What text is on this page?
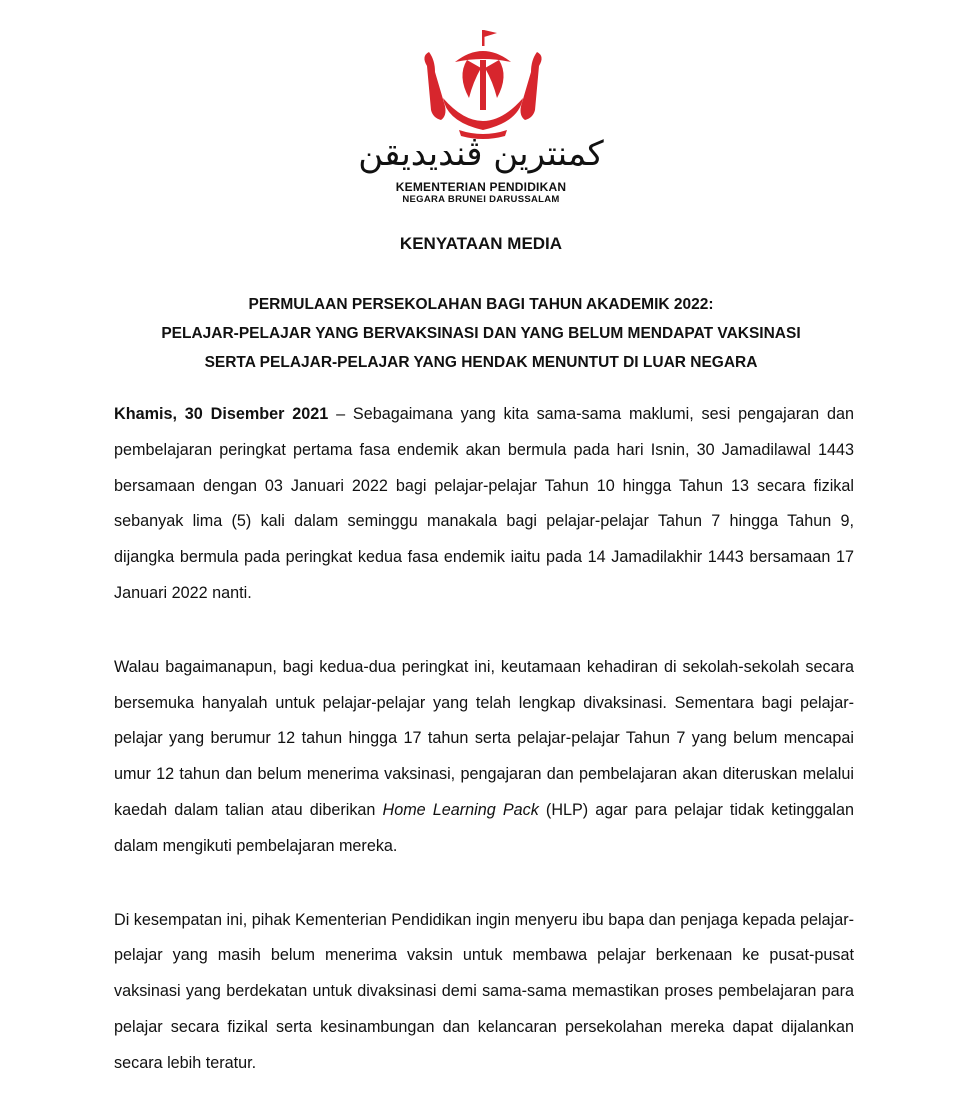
كمنترين ڤنديديقن
KEMENTERIAN PENDIDIKAN
NEGARA BRUNEI DARUSSALAM
KENYATAAN MEDIA
PERMULAAN PERSEKOLAHAN BAGI TAHUN AKADEMIK 2022:
PELAJAR-PELAJAR YANG BERVAKSINASI DAN YANG BELUM MENDAPAT VAKSINASI
SERTA PELAJAR-PELAJAR YANG HENDAK MENUNTUT DI LUAR NEGARA

Khamis, 30 Disember 2021 – Sebagaimana yang kita sama-sama maklumi, sesi pengajaran dan pembelajaran peringkat pertama fasa endemik akan bermula pada hari Isnin, 30 Jamadilawal 1443 bersamaan dengan 03 Januari 2022 bagi pelajar-pelajar Tahun 10 hingga Tahun 13 secara fizikal sebanyak lima (5) kali dalam seminggu manakala bagi pelajar-pelajar Tahun 7 hingga Tahun 9, dijangka bermula pada peringkat kedua fasa endemik iaitu pada 14 Jamadilakhir 1443 bersamaan 17 Januari 2022 nanti.

Walau bagaimanapun, bagi kedua-dua peringkat ini, keutamaan kehadiran di sekolah-sekolah secara bersemuka hanyalah untuk pelajar-pelajar yang telah lengkap divaksinasi. Sementara bagi pelajar-pelajar yang berumur 12 tahun hingga 17 tahun serta pelajar-pelajar Tahun 7 yang belum mencapai umur 12 tahun dan belum menerima vaksinasi, pengajaran dan pembelajaran akan diteruskan melalui kaedah dalam talian atau diberikan Home Learning Pack (HLP) agar para pelajar tidak ketinggalan dalam mengikuti pembelajaran mereka.

Di kesempatan ini, pihak Kementerian Pendidikan ingin menyeru ibu bapa dan penjaga kepada pelajar-pelajar yang masih belum menerima vaksin untuk membawa pelajar berkenaan ke pusat-pusat vaksinasi yang berdekatan untuk divaksinasi demi sama-sama memastikan proses pembelajaran para pelajar secara fizikal serta kesinambungan dan kelancaran persekolahan mereka dapat dijalankan secara lebih teratur.
